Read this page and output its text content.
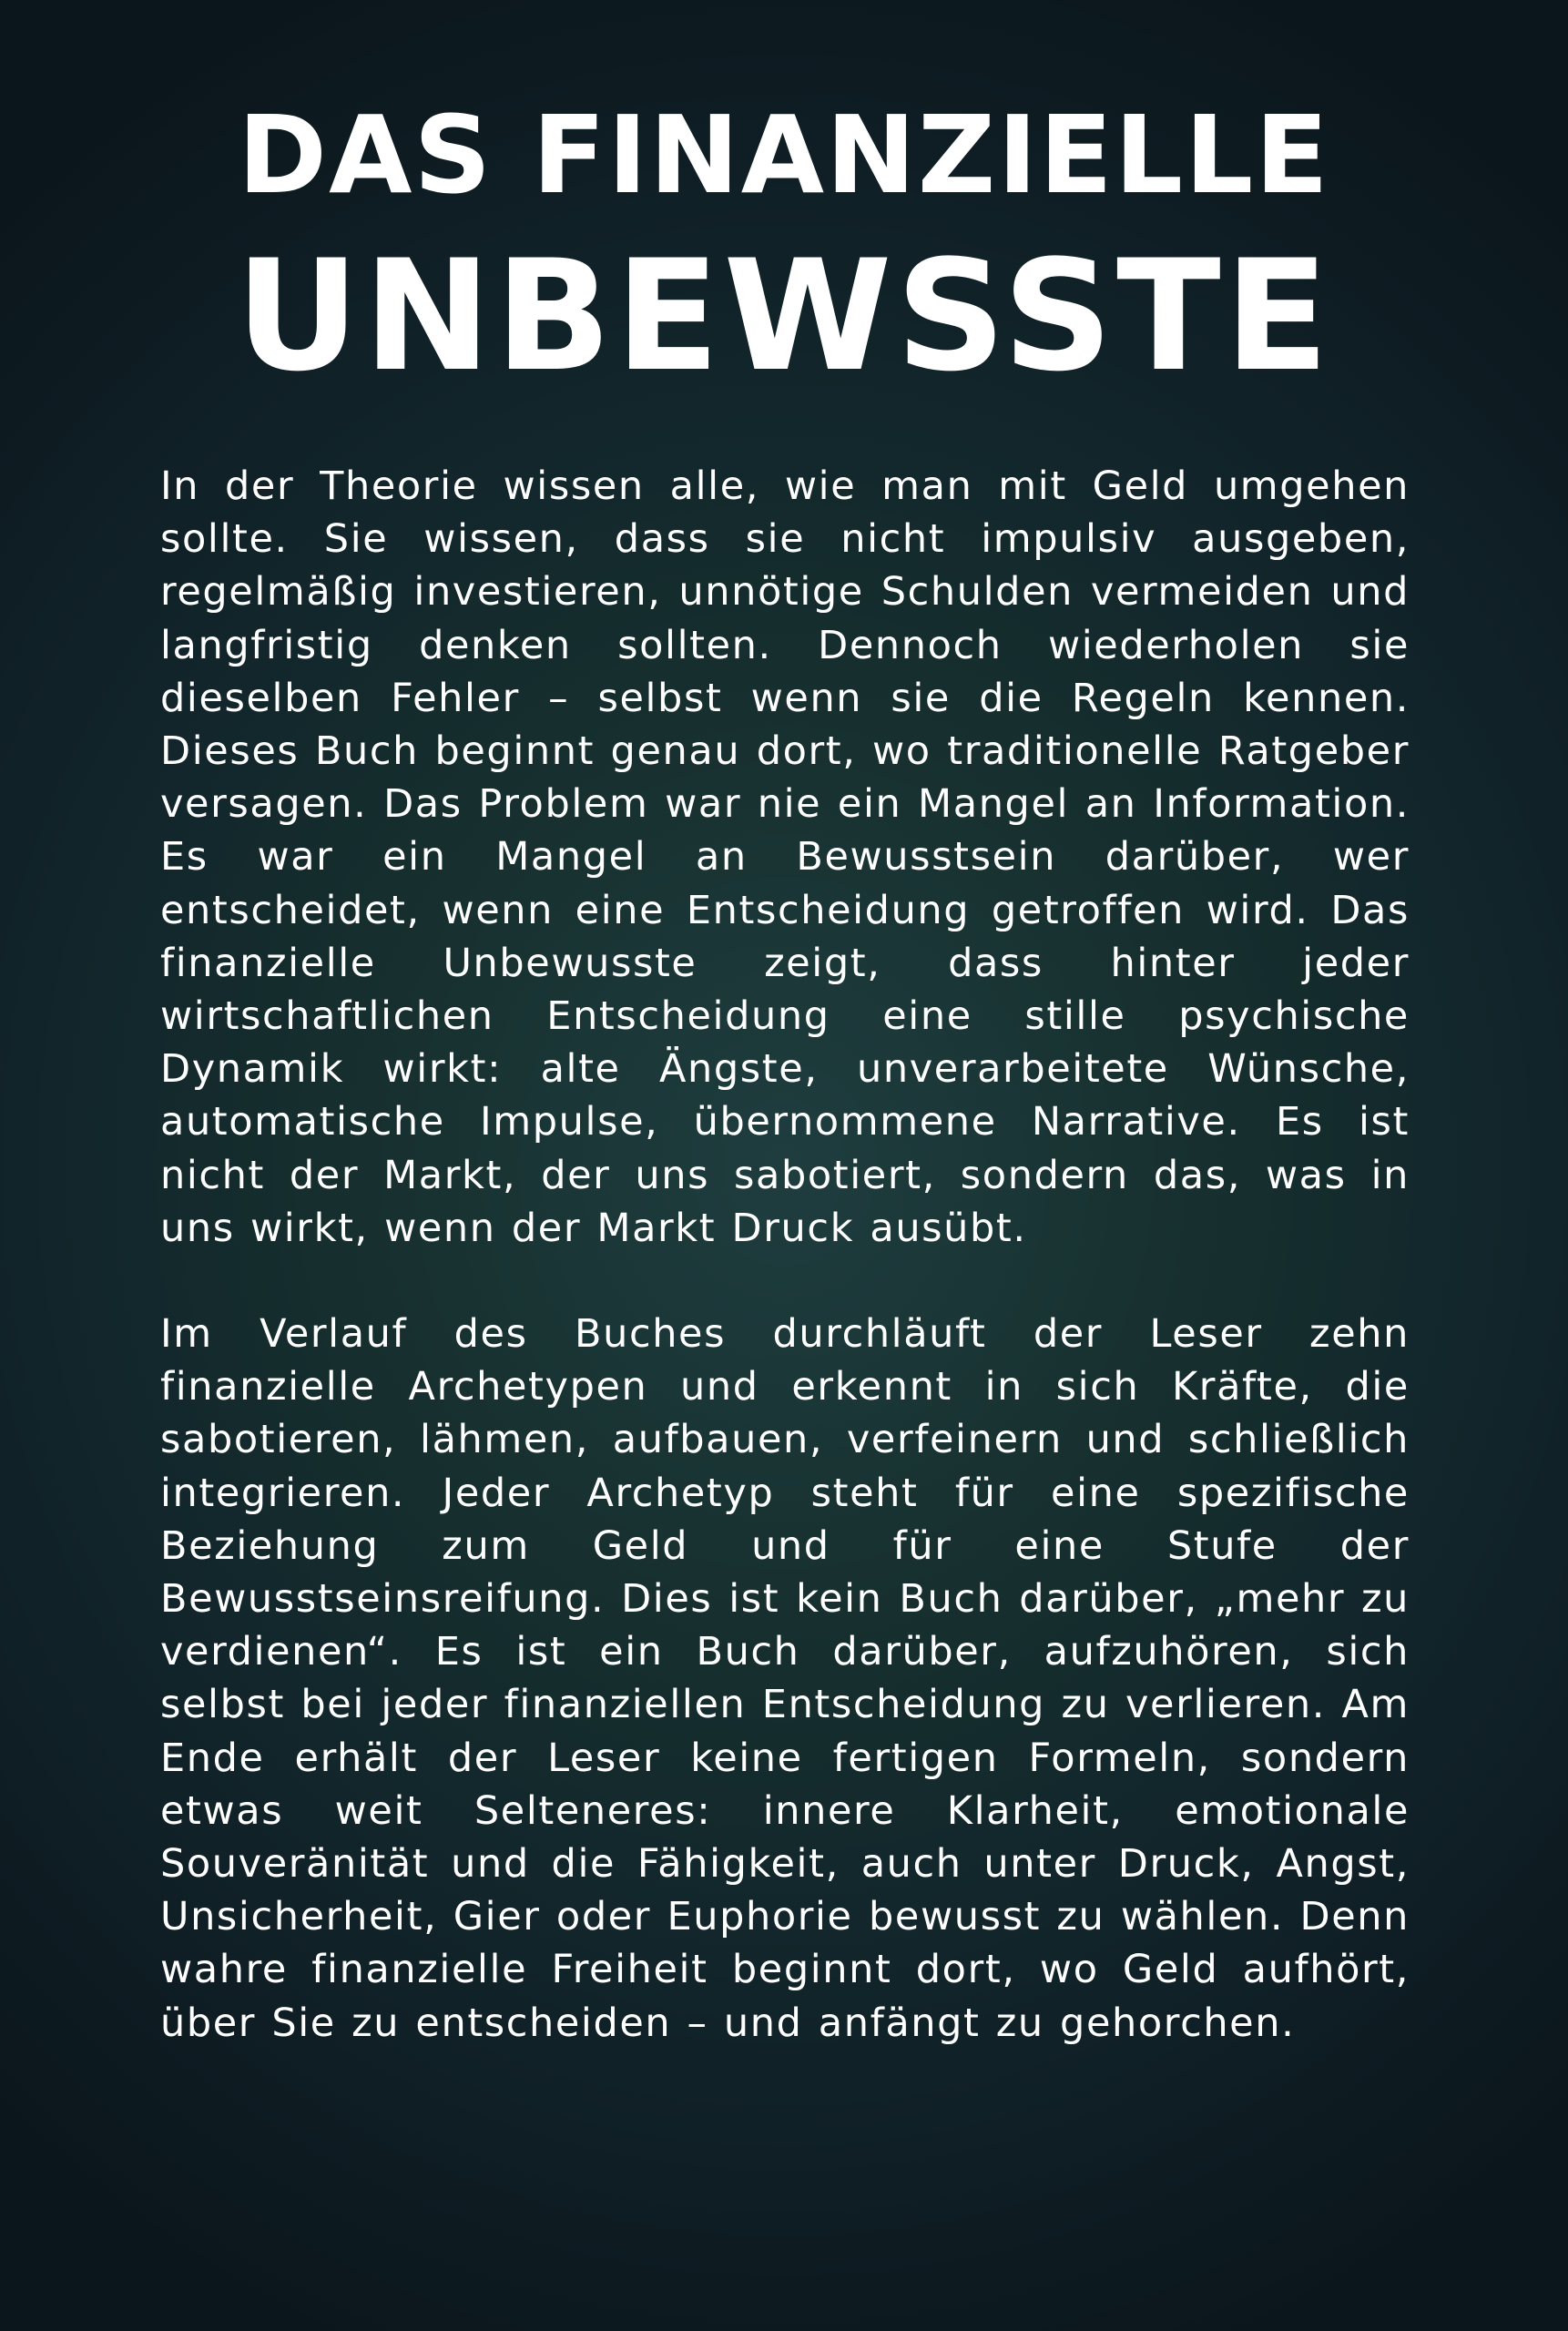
DAS FINANZIELLE
UNBEWSSTE

In der Theorie wissen alle, wie man mit Geld umgehen sollte. Sie wissen, dass sie nicht impulsiv ausgeben, regelmäßig investieren, unnötige Schulden vermeiden und langfristig denken sollten. Dennoch wiederholen sie dieselben Fehler – selbst wenn sie die Regeln kennen. Dieses Buch beginnt genau dort, wo traditionelle Ratgeber versagen. Das Problem war nie ein Mangel an Information. Es war ein Mangel an Bewusstsein darüber, wer entscheidet, wenn eine Entscheidung getroffen wird. Das finanzielle Unbewusste zeigt, dass hinter jeder wirtschaftlichen Entscheidung eine stille psychische Dynamik wirkt: alte Ängste, unverarbeitete Wünsche, automatische Impulse, übernommene Narrative. Es ist nicht der Markt, der uns sabotiert, sondern das, was in uns wirkt, wenn der Markt Druck ausübt.

Im Verlauf des Buches durchläuft der Leser zehn finanzielle Archetypen und erkennt in sich Kräfte, die sabotieren, lähmen, aufbauen, verfeinern und schließlich integrieren. Jeder Archetyp steht für eine spezifische Beziehung zum Geld und für eine Stufe der Bewusstseinsreifung. Dies ist kein Buch darüber, „mehr zu verdienen“. Es ist ein Buch darüber, aufzuhören, sich selbst bei jeder finanziellen Entscheidung zu verlieren. Am Ende erhält der Leser keine fertigen Formeln, sondern etwas weit Selteneres: innere Klarheit, emotionale Souveränität und die Fähigkeit, auch unter Druck, Angst, Unsicherheit, Gier oder Euphorie bewusst zu wählen. Denn wahre finanzielle Freiheit beginnt dort, wo Geld aufhört, über Sie zu entscheiden – und anfängt zu gehorchen.
